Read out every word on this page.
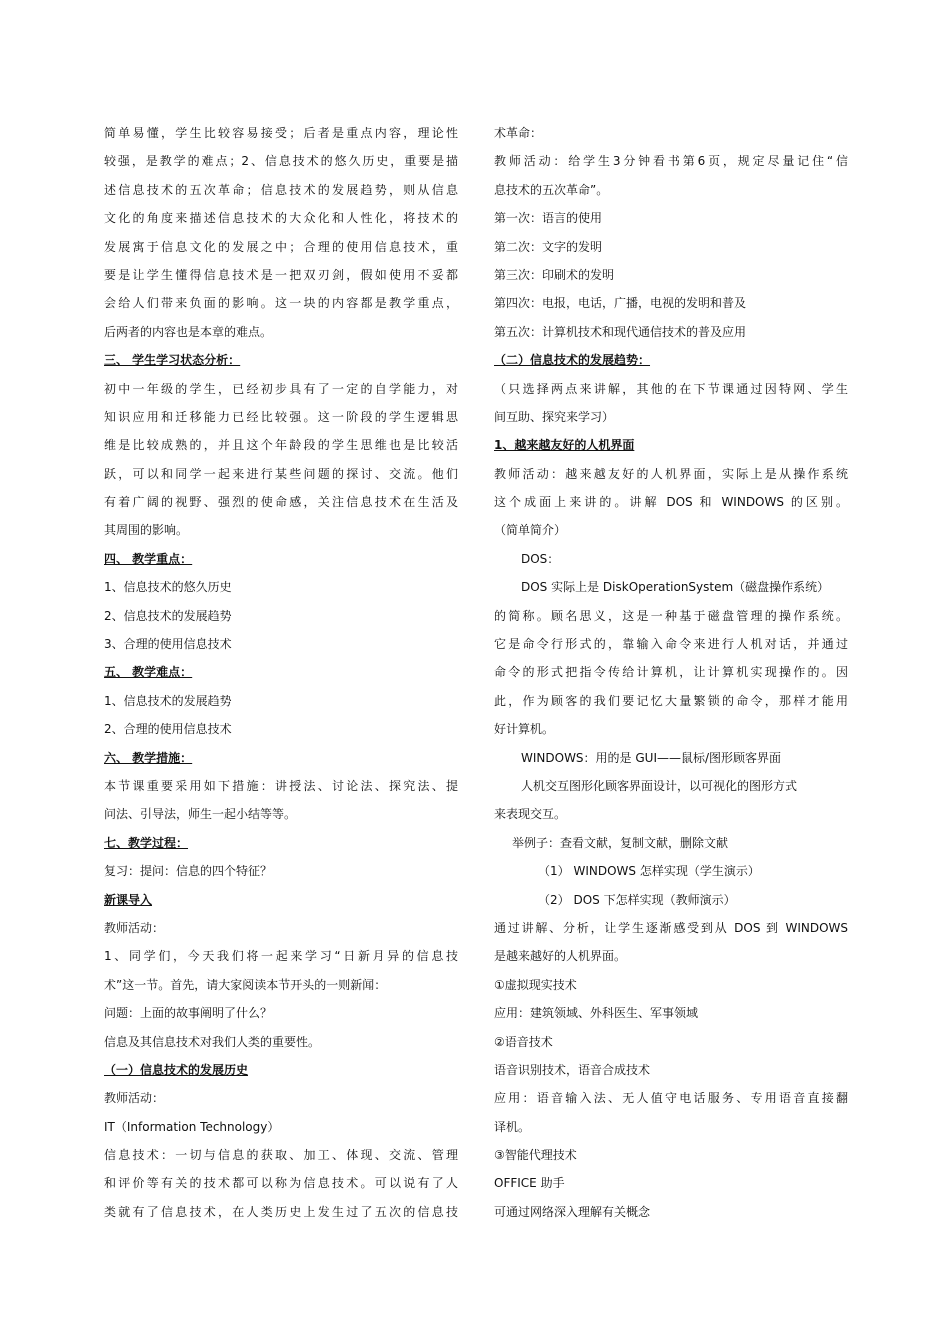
简单易懂，学生比较容易接受；后者是重点内容，理论性
较强，是教学的难点；2、信息技术的悠久历史，重要是描
述信息技术的五次革命；信息技术的发展趋势，则从信息
文化的角度来描述信息技术的大众化和人性化，将技术的
发展寓于信息文化的发展之中；合理的使用信息技术，重
要是让学生懂得信息技术是一把双刃剑，假如使用不妥都
会给人们带来负面的影响。这一块的内容都是教学重点，
后两者的内容也是本章的难点。
三、 学生学习状态分析：
初中一年级的学生，已经初步具有了一定的自学能力，对
知识应用和迁移能力已经比较强。这一阶段的学生逻辑思
维是比较成熟的，并且这个年龄段的学生思维也是比较活
跃，可以和同学一起来进行某些问题的探讨、交流。他们
有着广阔的视野、强烈的使命感，关注信息技术在生活及
其周围的影响。
四、 教学重点：
1、信息技术的悠久历史
2、信息技术的发展趋势
3、合理的使用信息技术
五、 教学难点：
1、信息技术的发展趋势
2、合理的使用信息技术
六、 教学措施：
本节课重要采用如下措施：讲授法、讨论法、探究法、提
问法、引导法，师生一起小结等等。
七、教学过程：
复习：提问：信息的四个特征？
新课导入
教师活动：
1、同学们，今天我们将一起来学习“日新月异的信息技
术”这一节。首先，请大家阅读本节开头的一则新闻：
问题：上面的故事阐明了什么？
信息及其信息技术对我们人类的重要性。
（一）信息技术的发展历史
教师活动：
IT（Information Technology）
信息技术：一切与信息的获取、加工、体现、交流、管理
和评价等有关的技术都可以称为信息技术。可以说有了人
类就有了信息技术，在人类历史上发生过了五次的信息技
术革命：
教师活动：给学生3分钟看书第6页，规定尽量记住“信
息技术的五次革命”。
第一次：语言的使用
第二次：文字的发明
第三次：印刷术的发明
第四次：电报，电话，广播，电视的发明和普及
第五次：计算机技术和现代通信技术的普及应用
（二）信息技术的发展趋势：
（只选择两点来讲解，其他的在下节课通过因特网、学生
间互助、探究来学习）
1、越来越友好的人机界面
教师活动：越来越友好的人机界面，实际上是从操作系统
这个成面上来讲的。讲解 DOS 和 WINDOWS 的区别。
（简单简介）
DOS：
DOS 实际上是 DiskOperationSystem（磁盘操作系统）
的简称。顾名思义，这是一种基于磁盘管理的操作系统。
它是命令行形式的，靠输入命令来进行人机对话，并通过
命令的形式把指令传给计算机，让计算机实现操作的。因
此，作为顾客的我们要记忆大量繁锁的命令，那样才能用
好计算机。
WINDOWS：用的是 GUI——鼠标/图形顾客界面
人机交互图形化顾客界面设计，以可视化的图形方式
来表现交互。
举例子：查看文献，复制文献，删除文献
（1） WINDOWS 怎样实现（学生演示）
（2） DOS 下怎样实现（教师演示）
通过讲解、分析，让学生逐渐感受到从 DOS 到 WINDOWS
是越来越好的人机界面。
①虚拟现实技术
应用：建筑领域、外科医生、军事领域
②语音技术
语音识别技术，语音合成技术
应用：语音输入法、无人值守电话服务、专用语音直接翻
译机。
③智能代理技术
OFFICE 助手
可通过网络深入理解有关概念
